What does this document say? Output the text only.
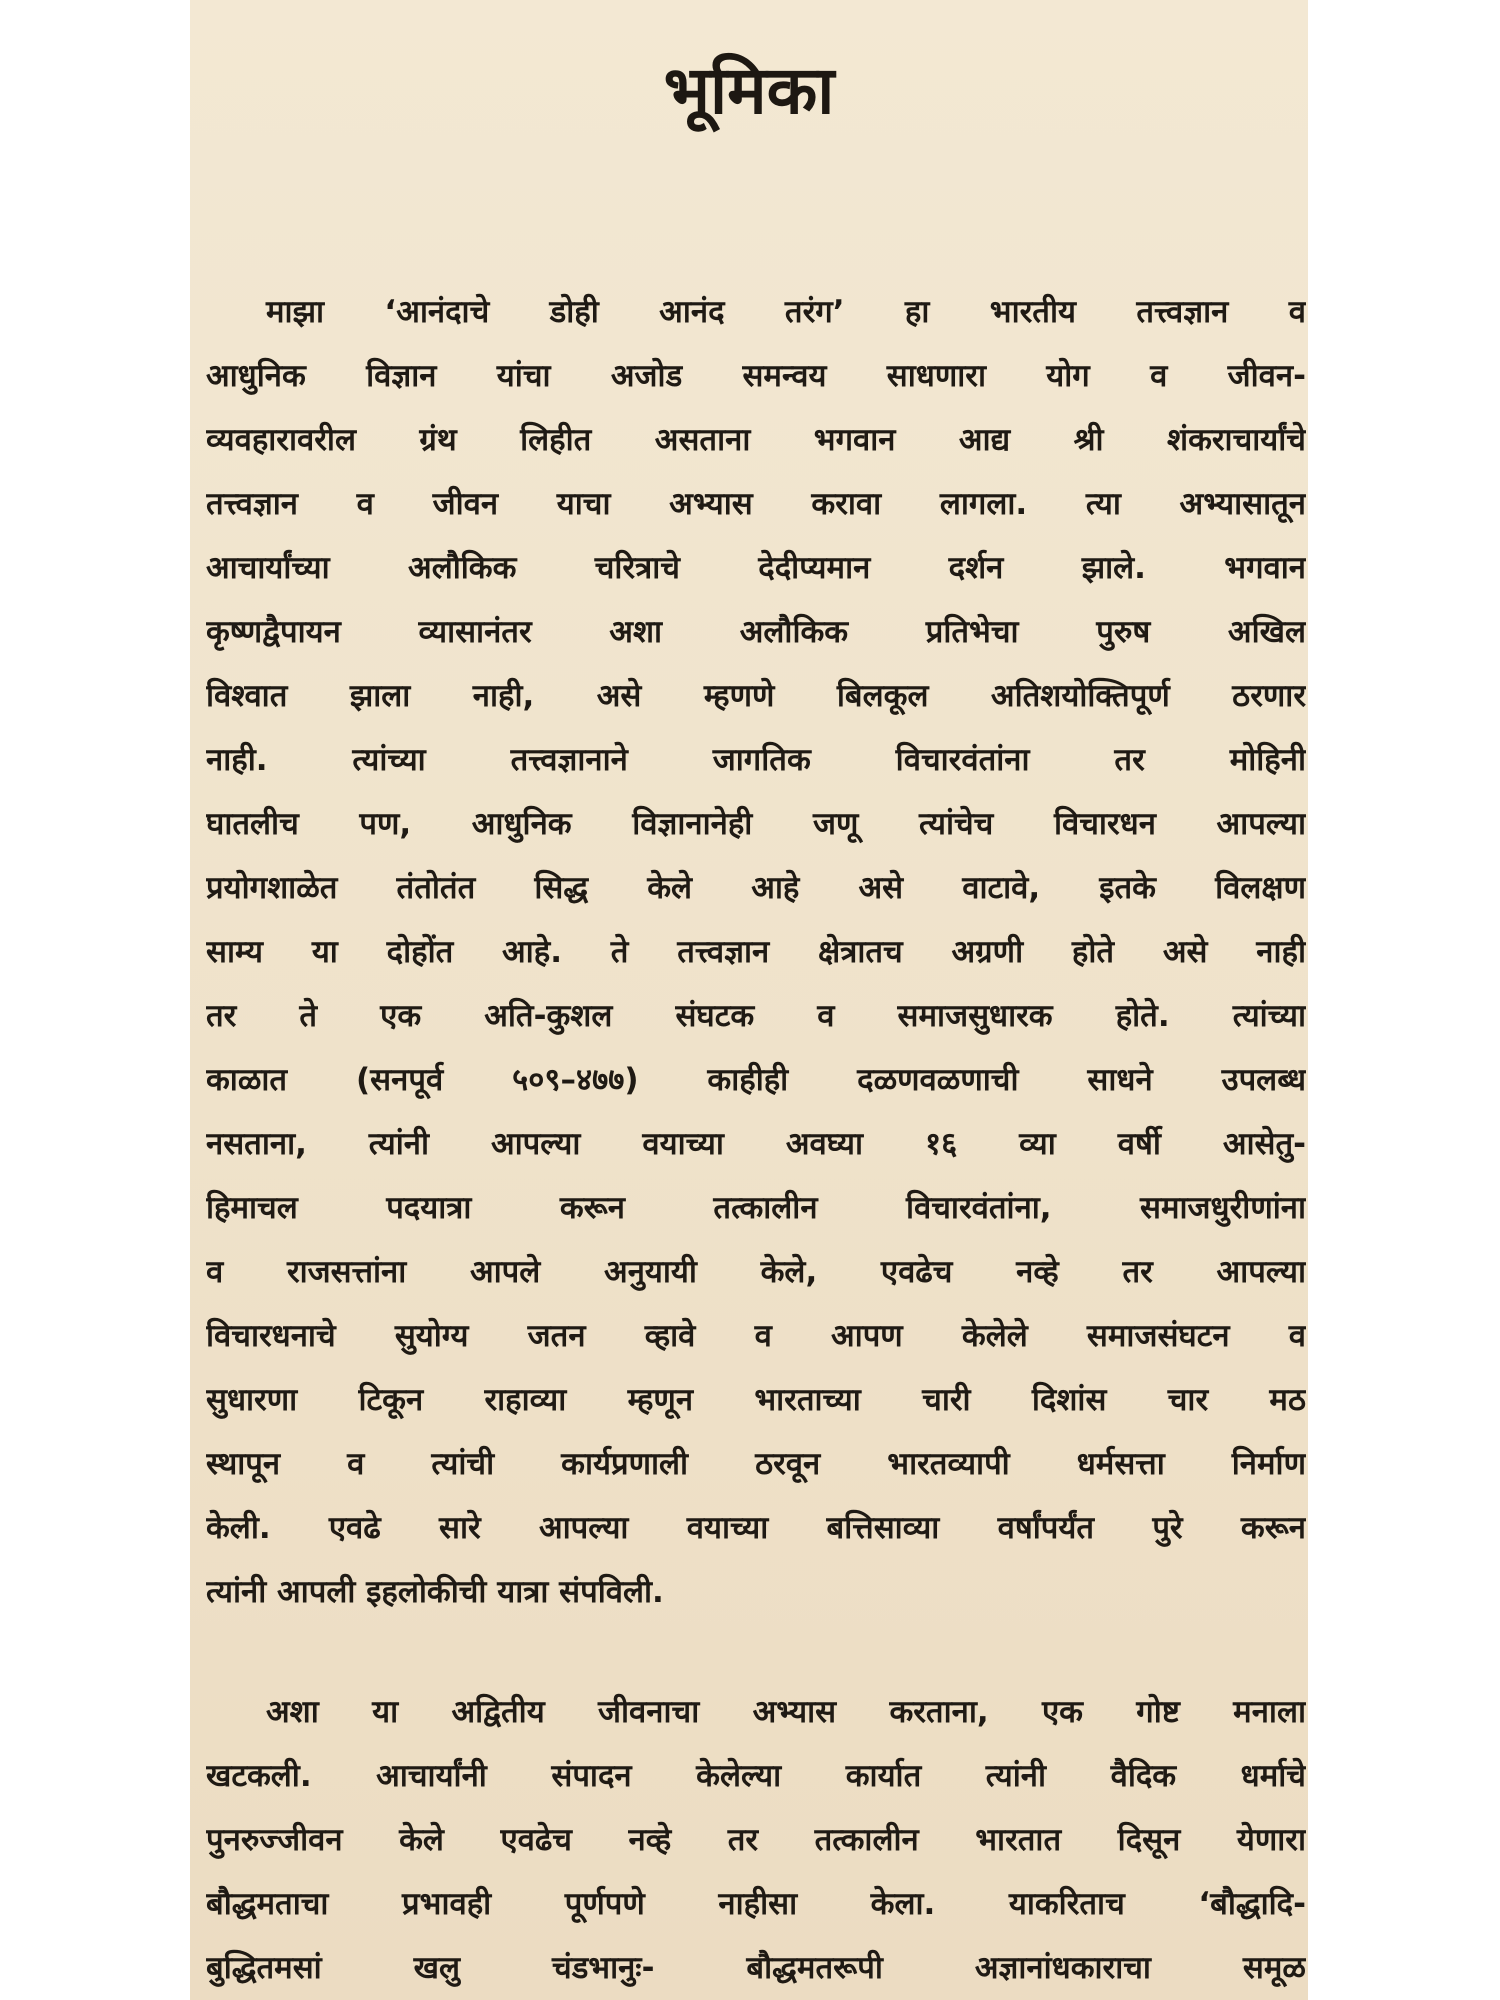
भूमिका

माझा ‘आनंदाचे डोही आनंद तरंग’ हा भारतीय तत्त्वज्ञान व
आधुनिक विज्ञान यांचा अजोड समन्वय साधणारा योग व जीवन-
व्यवहारावरील ग्रंथ लिहीत असताना भगवान आद्य श्री शंकराचार्यांचे
तत्त्वज्ञान व जीवन याचा अभ्यास करावा लागला. त्या अभ्यासातून
आचार्यांच्या अलौकिक चरित्राचे देदीप्यमान दर्शन झाले. भगवान
कृष्णद्वैपायन व्यासानंतर अशा अलौकिक प्रतिभेचा पुरुष अखिल
विश्वात झाला नाही, असे म्हणणे बिलकूल अतिशयोक्तिपूर्ण ठरणार
नाही. त्यांच्या तत्त्वज्ञानाने जागतिक विचारवंतांना तर मोहिनी
घातलीच पण, आधुनिक विज्ञानानेही जणू त्यांचेच विचारधन आपल्या
प्रयोगशाळेत तंतोतंत सिद्ध केले आहे असे वाटावे, इतके विलक्षण
साम्य या दोहोंत आहे. ते तत्त्वज्ञान क्षेत्रातच अग्रणी होते असे नाही
तर ते एक अति-कुशल संघटक व समाजसुधारक होते. त्यांच्या
काळात (सनपूर्व ५०९–४७७) काहीही दळणवळणाची साधने उपलब्ध
नसताना, त्यांनी आपल्या वयाच्या अवघ्या १६ व्या वर्षी आसेतु-
हिमाचल पदयात्रा करून तत्कालीन विचारवंतांना, समाजधुरीणांना
व राजसत्तांना आपले अनुयायी केले, एवढेच नव्हे तर आपल्या
विचारधनाचे सुयोग्य जतन व्हावे व आपण केलेले समाजसंघटन व
सुधारणा टिकून राहाव्या म्हणून भारताच्या चारी दिशांस चार मठ
स्थापून व त्यांची कार्यप्रणाली ठरवून भारतव्यापी धर्मसत्ता निर्माण
केली. एवढे सारे आपल्या वयाच्या बत्तिसाव्या वर्षांपर्यंत पुरे करून
त्यांनी आपली इहलोकीची यात्रा संपविली.

अशा या अद्वितीय जीवनाचा अभ्यास करताना, एक गोष्ट मनाला
खटकली. आचार्यांनी संपादन केलेल्या कार्यात त्यांनी वैदिक धर्माचे
पुनरुज्जीवन केले एवढेच नव्हे तर तत्कालीन भारतात दिसून येणारा
बौद्धमताचा प्रभावही पूर्णपणे नाहीसा केला. याकरिताच ‘बौद्धादि-
बुद्धितमसां खलु चंडभानुः- बौद्धमतरूपी अज्ञानांधकाराचा समूळ
